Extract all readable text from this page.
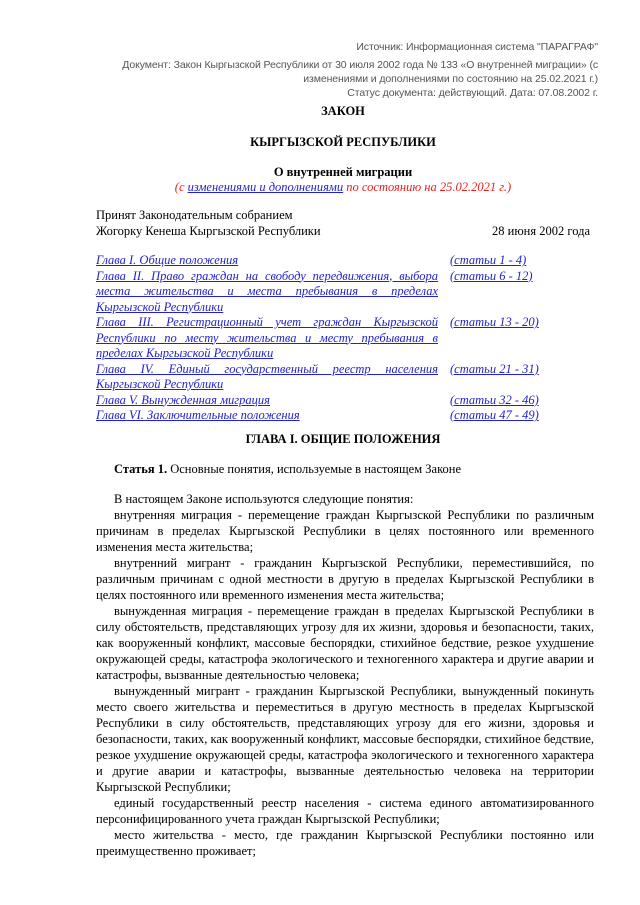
Источник: Информационная система "ПАРАГРАФ"
Документ: Закон Кыргызской Республики от 30 июля 2002 года № 133 «О внутренней миграции» (с
изменениями и дополнениями по состоянию на 25.02.2021 г.)
Статус документа: действующий. Дата: 07.08.2002 г.
ЗАКОН
КЫРГЫЗСКОЙ РЕСПУБЛИКИ
О внутренней миграции
(с изменениями и дополнениями по состоянию на 25.02.2021 г.)
Принят Законодательным собранием
Жогорку Кенеша Кыргызской Республики	28 июня 2002 года
Глава I. Общие положения	(статьи 1 - 4)
Глава II. Право граждан на свободу передвижения, выбора места жительства и места пребывания в пределах Кыргызской Республики
(статьи 6 - 12)
Глава III. Регистрационный учет граждан Кыргызской Республики по месту жительства и месту пребывания в пределах Кыргызской Республики
(статьи 13 - 20)
Глава IV. Единый государственный реестр населения Кыргызской Республики
(статьи 21 - 31)
Глава V. Вынужденная миграция	(статьи 32 - 46)
Глава VI. Заключительные положения	(статьи 47 - 49)
ГЛАВА I. ОБЩИЕ ПОЛОЖЕНИЯ
Статья 1. Основные понятия, используемые в настоящем Законе

В настоящем Законе используются следующие понятия:

внутренняя миграция - перемещение граждан Кыргызской Республики по различным причинам в пределах Кыргызской Республики в целях постоянного или временного изменения места жительства;

внутренний мигрант - гражданин Кыргызской Республики, переместившийся, по различным причинам с одной местности в другую в пределах Кыргызской Республики в целях постоянного или временного изменения места жительства;

вынужденная миграция - перемещение граждан в пределах Кыргызской Республики в силу обстоятельств, представляющих угрозу для их жизни, здоровья и безопасности, таких, как вооруженный конфликт, массовые беспорядки, стихийное бедствие, резкое ухудшение окружающей среды, катастрофа экологического и техногенного характера и другие аварии и катастрофы, вызванные деятельностью человека;

вынужденный мигрант - гражданин Кыргызской Республики, вынужденный покинуть место своего жительства и переместиться в другую местность в пределах Кыргызской Республики в силу обстоятельств, представляющих угрозу для его жизни, здоровья и безопасности, таких, как вооруженный конфликт, массовые беспорядки, стихийное бедствие, резкое ухудшение окружающей среды, катастрофа экологического и техногенного характера и другие аварии и катастрофы, вызванные деятельностью человека на территории Кыргызской Республики;

единый государственный реестр населения - система единого автоматизированного персонифицированного учета граждан Кыргызской Республики;

место жительства - место, где гражданин Кыргызской Республики постоянно или преимущественно проживает;
